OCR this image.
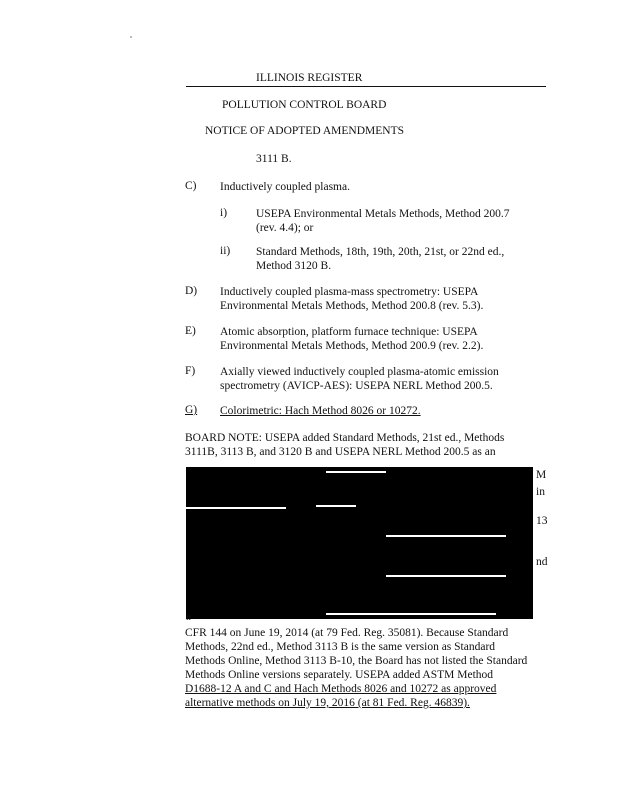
ILLINOIS REGISTER
POLLUTION CONTROL BOARD
NOTICE OF ADOPTED AMENDMENTS
3111 B.
C) Inductively coupled plasma.
i)	USEPA Environmental Metals Methods, Method 200.7
(rev. 4.4); or
ii) Standard Methods, 18th, 19th, 20th, 21st, or 22nd ed.,
Method 3120 B.
D) Inductively coupled plasma-mass spectrometry: USEPA
Environmental Metals Methods, Method 200.8 (rev. 5.3).
E) Atomic absorption, platform furnace technique: USEPA
Environmental Metals Methods, Method 200.9 (rev. 2.2).
F) Axially viewed inductively coupled plasma-atomic emission
spectrometry (AVICP-AES): USEPA NERL Method 200.5.
G) Colorimetric: Hach Method 8026 or 10272.
BOARD NOTE: USEPA added Standard Methods, 21st ed., Methods
3111B, 3113 B, and 3120 B and USEPA NERL Method 200.5 as an
M
in
13
nd
ff
CFR 144 on June 19, 2014 (at 79 Fed. Reg. 35081). Because Standard
Methods, 22nd ed., Method 3113 B is the same version as Standard
Methods Online, Method 3113 B-10, the Board has not listed the Standard
Methods Online versions separately. USEPA added ASTM Method
D1688-12 A and C and Hach Methods 8026 and 10272 as approved
alternative methods on July 19, 2016 (at 81 Fed. Reg. 46839).
